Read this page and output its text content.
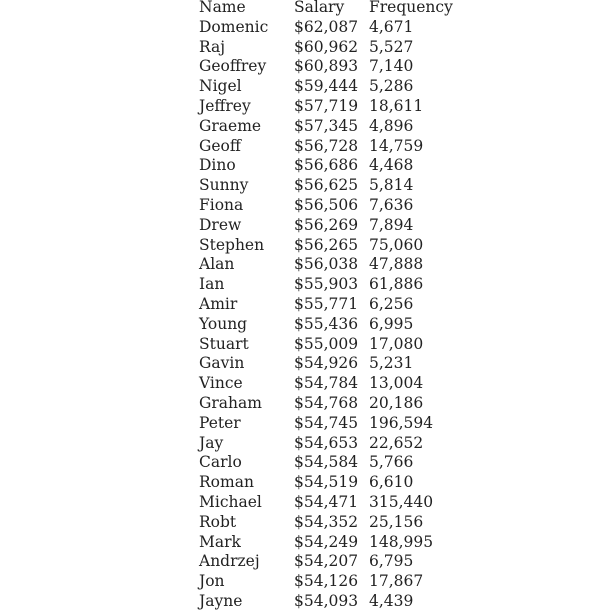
Name	Salary	Frequency
Domenic	$62,087	4,671
Raj	$60,962	5,527
Geoffrey	$60,893	7,140
Nigel	$59,444	5,286
Jeffrey	$57,719	18,611
Graeme	$57,345	4,896
Geoff	$56,728	14,759
Dino	$56,686	4,468
Sunny	$56,625	5,814
Fiona	$56,506	7,636
Drew	$56,269	7,894
Stephen	$56,265	75,060
Alan	$56,038	47,888
Ian	$55,903	61,886
Amir	$55,771	6,256
Young	$55,436	6,995
Stuart	$55,009	17,080
Gavin	$54,926	5,231
Vince	$54,784	13,004
Graham	$54,768	20,186
Peter	$54,745	196,594
Jay	$54,653	22,652
Carlo	$54,584	5,766
Roman	$54,519	6,610
Michael	$54,471	315,440
Robt	$54,352	25,156
Mark	$54,249	148,995
Andrzej	$54,207	6,795
Jon	$54,126	17,867
Jayne	$54,093	4,439
